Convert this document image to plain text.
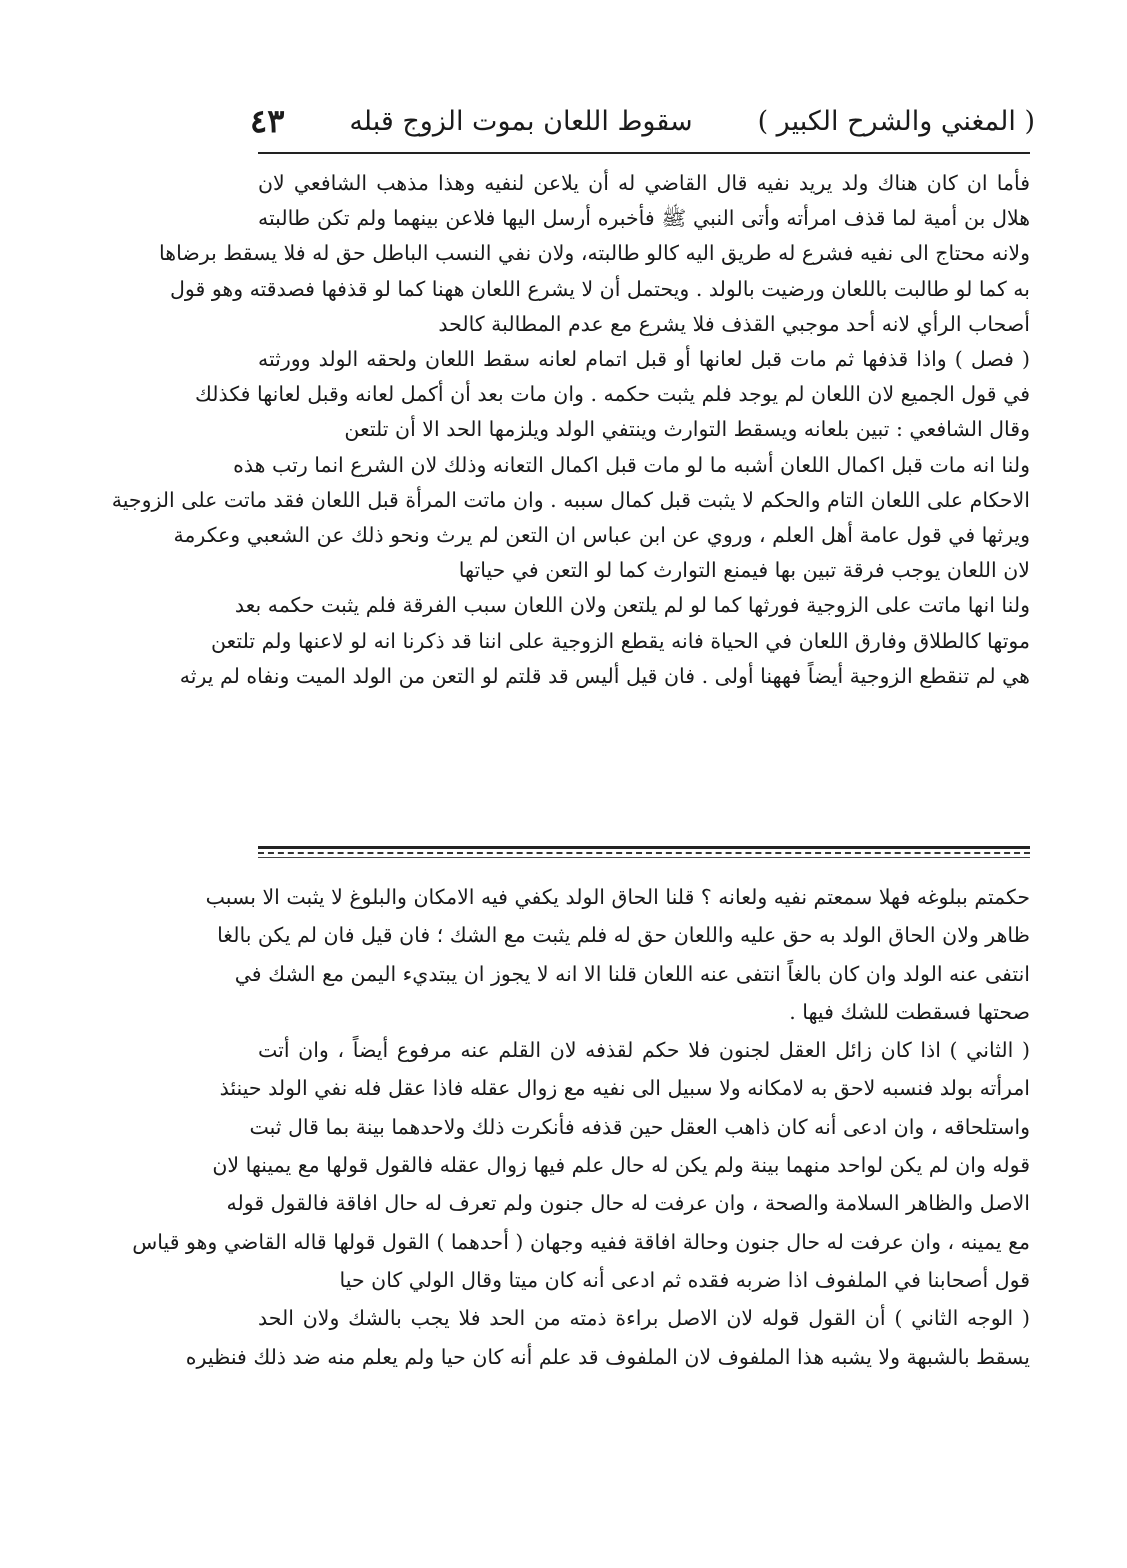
( المغني والشرح الكبير )
سقوط اللعان بموت الزوج قبله
٤٣

فأما ان كان هناك ولد يريد نفيه قال القاضي له أن يلاعن لنفيه وهذا مذهب الشافعي لان
هلال بن أمية لما قذف امرأته وأتى النبي ﷺ فأخبره أرسل اليها فلاعن بينهما ولم تكن طالبته
ولانه محتاج الى نفيه فشرع له طريق اليه كالو طالبته، ولان نفي النسب الباطل حق له فلا يسقط برضاها
به كما لو طالبت باللعان ورضيت بالولد . ويحتمل أن لا يشرع اللعان ههنا كما لو قذفها فصدقته وهو قول
أصحاب الرأي لانه أحد موجبي القذف فلا يشرع مع عدم المطالبة كالحد

( فصل ) واذا قذفها ثم مات قبل لعانها أو قبل اتمام لعانه سقط اللعان ولحقه الولد وورثته
في قول الجميع لان اللعان لم يوجد فلم يثبت حكمه . وان مات بعد أن أكمل لعانه وقبل لعانها فكذلك
وقال الشافعي : تبين بلعانه ويسقط التوارث وينتفي الولد ويلزمها الحد الا أن تلتعن

ولنا انه مات قبل اكمال اللعان أشبه ما لو مات قبل اكمال التعانه وذلك لان الشرع انما رتب هذه
الاحكام على اللعان التام والحكم لا يثبت قبل كمال سببه . وان ماتت المرأة قبل اللعان فقد ماتت على الزوجية
ويرثها في قول عامة أهل العلم ، وروي عن ابن عباس ان التعن لم يرث ونحو ذلك عن الشعبي وعكرمة
لان اللعان يوجب فرقة تبين بها فيمنع التوارث كما لو التعن في حياتها

ولنا انها ماتت على الزوجية فورثها كما لو لم يلتعن ولان اللعان سبب الفرقة فلم يثبت حكمه بعد
موتها كالطلاق وفارق اللعان في الحياة فانه يقطع الزوجية على اننا قد ذكرنا انه لو لاعنها ولم تلتعن
هي لم تنقطع الزوجية أيضاً فههنا أولى . فان قيل أليس قد قلتم لو التعن من الولد الميت ونفاه لم يرثه

حكمتم ببلوغه فهلا سمعتم نفيه ولعانه ؟ قلنا الحاق الولد يكفي فيه الامكان والبلوغ لا يثبت الا بسبب
ظاهر ولان الحاق الولد به حق عليه واللعان حق له فلم يثبت مع الشك ؛ فان قيل فان لم يكن بالغا
انتفى عنه الولد وان كان بالغاً انتفى عنه اللعان قلنا الا انه لا يجوز ان يبتديء اليمن مع الشك في
صحتها فسقطت للشك فيها .

( الثاني ) اذا كان زائل العقل لجنون فلا حكم لقذفه لان القلم عنه مرفوع أيضاً ، وان أتت
امرأته بولد فنسبه لاحق به لامكانه ولا سبيل الى نفيه مع زوال عقله فاذا عقل فله نفي الولد حينئذ
واستلحاقه ، وان ادعى أنه كان ذاهب العقل حين قذفه فأنكرت ذلك ولاحدهما بينة بما قال ثبت
قوله وان لم يكن لواحد منهما بينة ولم يكن له حال علم فيها زوال عقله فالقول قولها مع يمينها لان
الاصل والظاهر السلامة والصحة ، وان عرفت له حال جنون ولم تعرف له حال افاقة فالقول قوله
مع يمينه ، وان عرفت له حال جنون وحالة افاقة ففيه وجهان ( أحدهما ) القول قولها قاله القاضي وهو قياس
قول أصحابنا في الملفوف اذا ضربه فقده ثم ادعى أنه كان ميتا وقال الولي كان حيا

( الوجه الثاني ) أن القول قوله لان الاصل براءة ذمته من الحد فلا يجب بالشك ولان الحد
يسقط بالشبهة ولا يشبه هذا الملفوف لان الملفوف قد علم أنه كان حيا ولم يعلم منه ضد ذلك فنظيره
